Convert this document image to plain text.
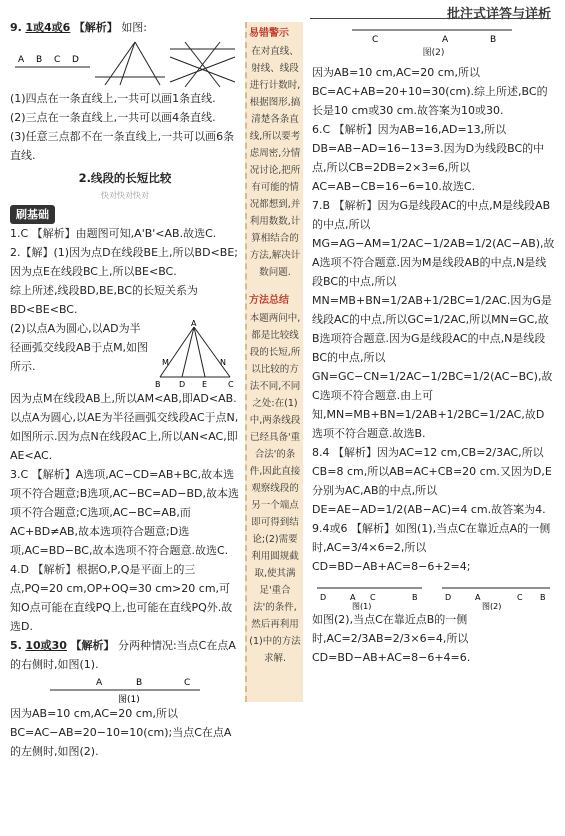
批注式详答与详析
9. 1或4或6 【解析】 如图:
A B C D
(1)四点在一条直线上,一共可以画1条直线.
(2)三点在一条直线上,一共可以画4条直线.
(3)任意三点都不在一条直线上,一共可以画6条直线.
2.线段的长短比较
快对快对快对
刷基础
1.C 【解析】由题图可知,A'B'<AB.故选C.
2.【解】(1)因为点D在线段BE上,所以BD<BE;因为点E在线段BC上,所以BE<BC.
综上所述,线段BD,BE,BC的长短关系为BD<BE<BC.
(2)以点A为圆心,以AD为半径画弧交线段AB于点M,如图所示.
A
M	N
B D E	C
因为点M在线段AB上,所以AM<AB,即AD<AB.
以点A为圆心,以AE为半径画弧交线段AC于点N,如图所示.因为点N在线段AC上,所以AN<AC,即AE<AC.
3.C 【解析】A选项,AC−CD=AB+BC,故本选项不符合题意;B选项,AC−BC=AD−BD,故本选项不符合题意;C选项,AC−BC=AB,而AC+BD≠AB,故本选项符合题意;D选项,AC=BD−BC,故本选项不符合题意.故选C.
4.D 【解析】根据O,P,Q是平面上的三点,PQ=20 cm,OP+OQ=30 cm>20 cm,可知O点可能在直线PQ上,也可能在直线PQ外.故选D.
5. 10或30 【解析】 分两种情况:当点C在点A的右侧时,如图(1).
A	B	C
图(1)
因为AB=10 cm,AC=20 cm,所以BC=AC−AB=20−10=10(cm);当点C在点A的左侧时,如图(2).
易错警示
在对直线、射线、线段进行计数时,根据图形,搞清楚各条直线,所以要考虑周密,分情况讨论,把所有可能的情况都想到,并利用数数,计算相结合的方法,解决计数问题.
方法总结
本题两问中,都是比较线段的长短,所以比较的方法不同,不同之处:在(1)中,两条线段已经具备'重合法'的条件,因此直接观察线段的另一个端点即可得到结论;(2)需要利用圆规截取,使其满足'重合法'的条件,然后再利用(1)中的方法求解.
C	A	B
图(2)
因为AB=10 cm,AC=20 cm,所以BC=AC+AB=20+10=30(cm).综上所述,BC的长是10 cm或30 cm.故答案为10或30.
6.C 【解析】因为AB=16,AD=13,所以DB=AB−AD=16−13=3.因为D为线段BC的中点,所以CB=2DB=2×3=6,所以AC=AB−CB=16−6=10.故选C.
7.B 【解析】因为G是线段AC的中点,M是线段AB的中点,所以MG=AG−AM=1/2AC−1/2AB=1/2(AC−AB),故A选项不符合题意.因为M是线段AB的中点,N是线段BC的中点,所以MN=MB+BN=1/2AB+1/2BC=1/2AC.因为G是线段AC的中点,所以GC=1/2AC,所以MN=GC,故B选项符合题意.因为G是线段AC的中点,N是线段BC的中点,所以GN=GC−CN=1/2AC−1/2BC=1/2(AC−BC),故C选项不符合题意.由上可知,MN=MB+BN=1/2AB+1/2BC=1/2AC,故D选项不符合题意.故选B.
8.4 【解析】因为AC=12 cm,CB=2/3AC,所以CB=8 cm,所以AB=AC+CB=20 cm.又因为D,E分别为AC,AB的中点,所以DE=AE−AD=1/2(AB−AC)=4 cm.故答案为4.
9.4或6 【解析】如图(1),当点C在靠近点A的一侧时,AC=3/4×6=2,所以CD=BD−AB+AC=8−6+2=4;
D	A C	B
图(1)
D	A	C B
图(2)
如图(2),当点C在靠近点B的一侧时,AC=2/3AB=2/3×6=4,所以CD=BD−AB+AC=8−6+4=6.
